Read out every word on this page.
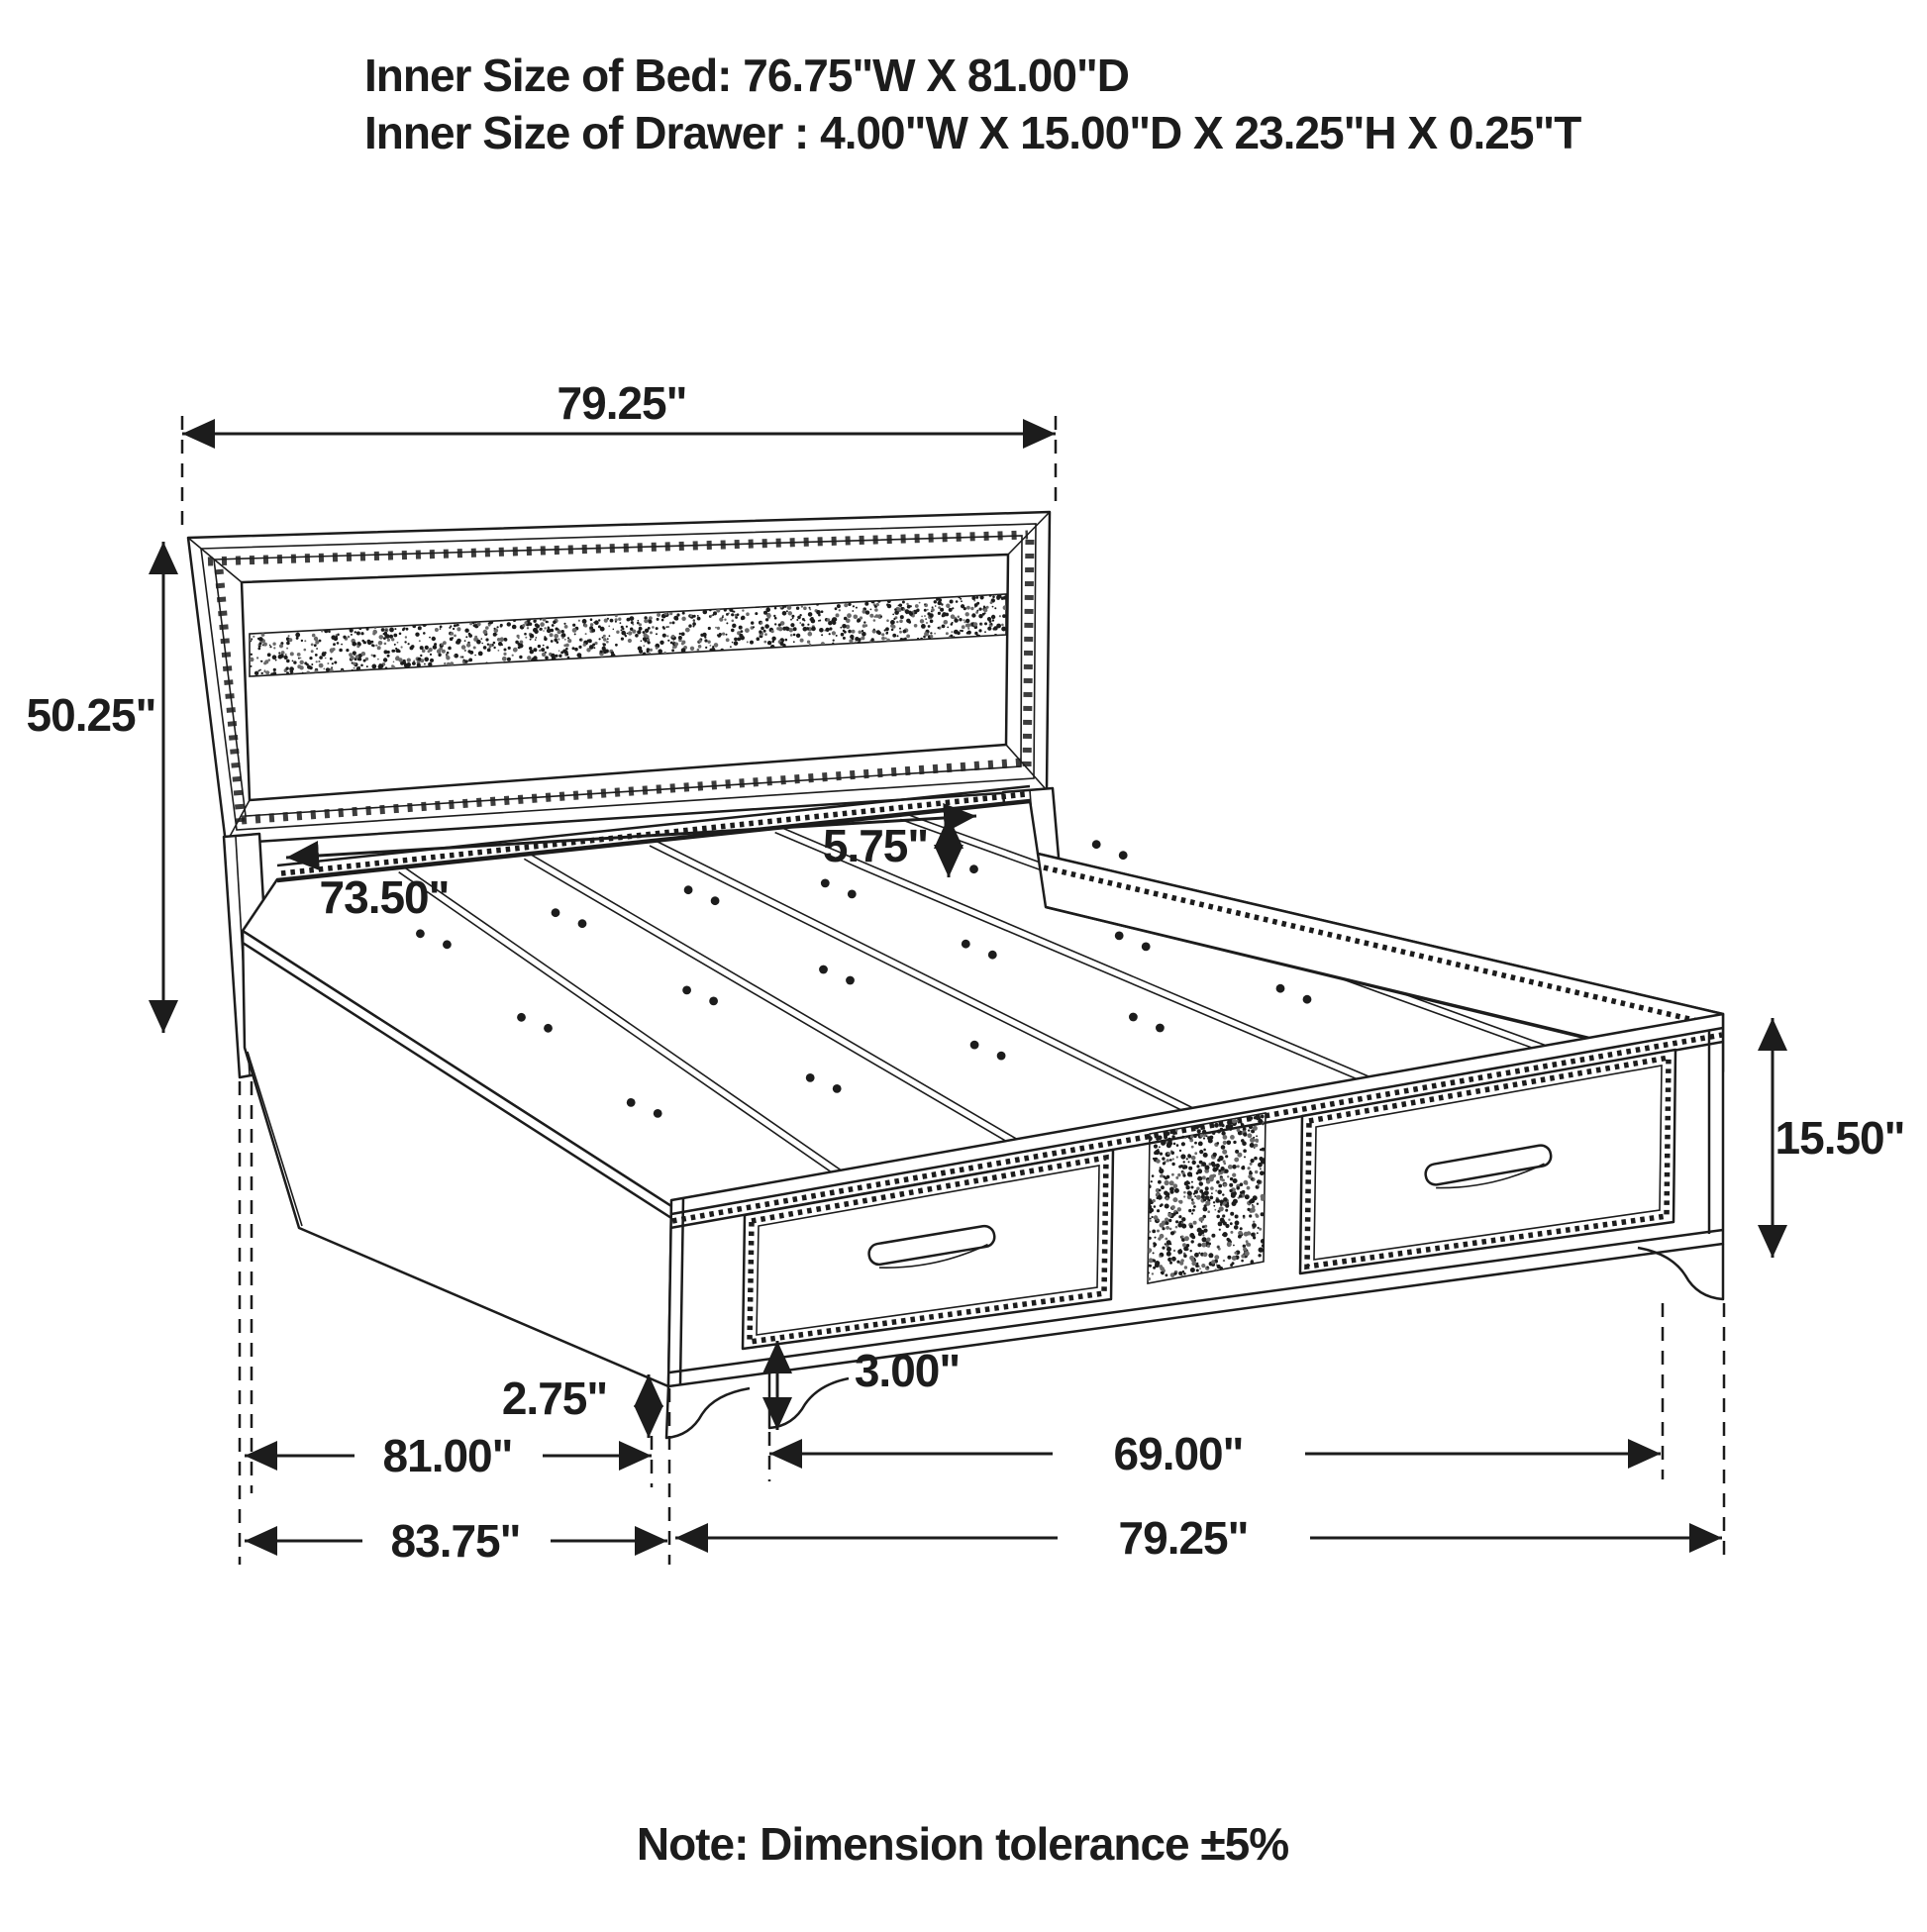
79.25"
50.25"
73.50"
5.75"
15.50"
2.75"
3.00"
81.00"	69.00"
83.75"	79.25"
Inner Size of Bed: 76.75"W X 81.00"D
Inner Size of Drawer : 4.00"W X 15.00"D X 23.25"H X 0.25"T
Note: Dimension tolerance ±5%
